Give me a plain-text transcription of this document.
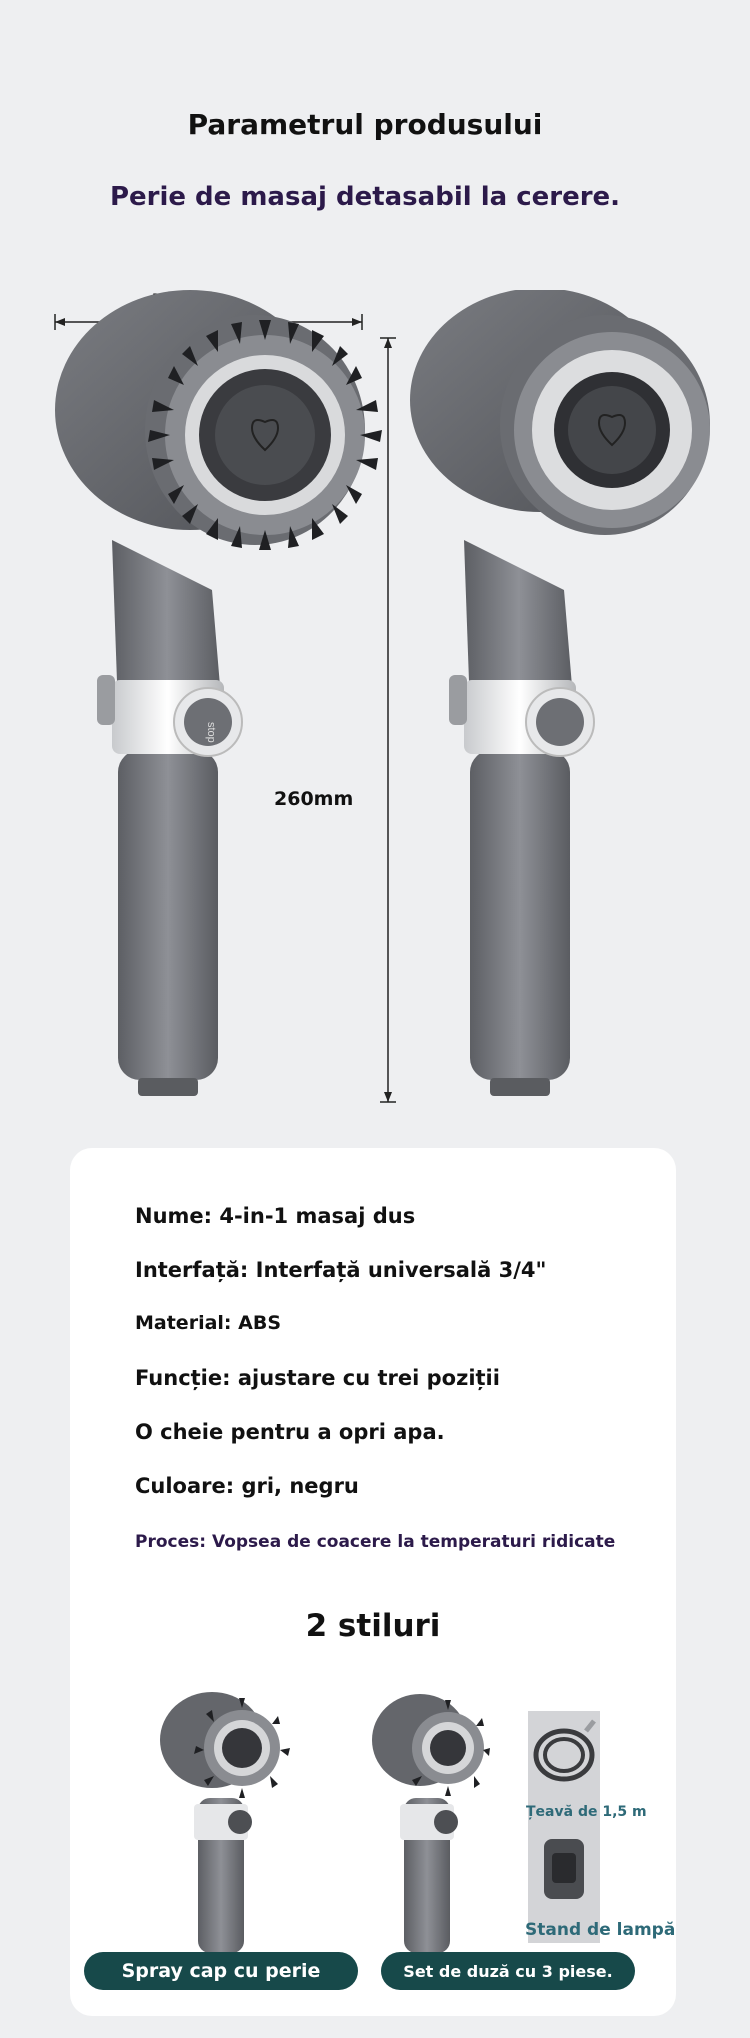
Parametrul produsului
Perie de masaj detasabil la cerere.
260mm
stop
Nume: 4-in-1 masaj dus
Interfață: Interfață universală 3/4"
Material: ABS
Funcție: ajustare cu trei poziții
O cheie pentru a opri apa.
Culoare: gri, negru
Proces: Vopsea de coacere la temperaturi ridicate
2 stiluri
Țeavă de 1,5 m
Stand de lampă
Spray cap cu perie	Set de duză cu 3 piese.
